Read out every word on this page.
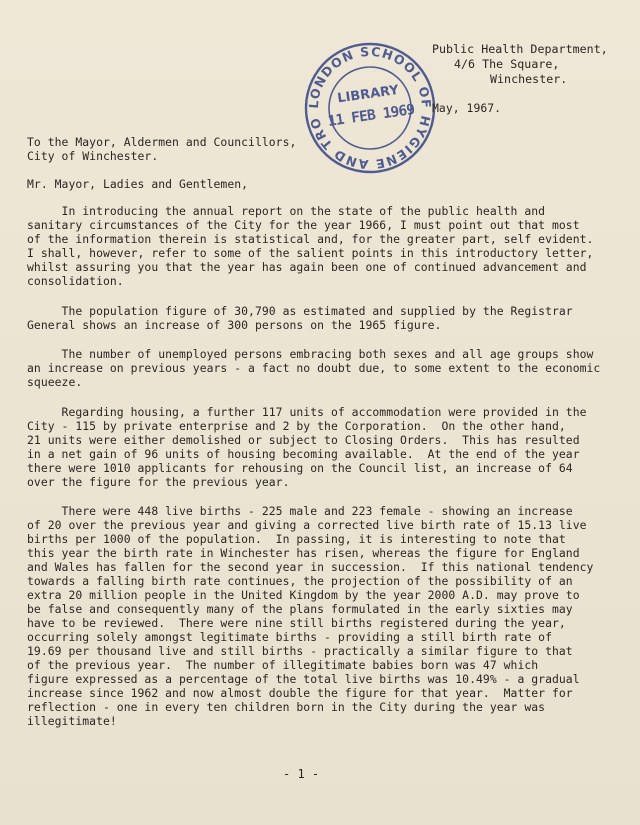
Public Health Department,
4/6 The Square,
Winchester.
LONDON SCHOOL OF HYGIENE AND TROPICAL
LIBRARY
11 FEB 1969 May, 1967.
To the Mayor, Aldermen and Councillors,
City of Winchester.
Mr. Mayor, Ladies and Gentlemen,
In introducing the annual report on the state of the public health and
sanitary circumstances of the City for the year 1966, I must point out that most
of the information therein is statistical and, for the greater part, self evident.
I shall, however, refer to some of the salient points in this introductory letter,
whilst assuring you that the year has again been one of continued advancement and
consolidation.
The population figure of 30,790 as estimated and supplied by the Registrar
General shows an increase of 300 persons on the 1965 figure.
The number of unemployed persons embracing both sexes and all age groups show
an increase on previous years - a fact no doubt due, to some extent to the economic
squeeze.
Regarding housing, a further 117 units of accommodation were provided in the
City - 115 by private enterprise and 2 by the Corporation.  On the other hand,
21 units were either demolished or subject to Closing Orders.  This has resulted
in a net gain of 96 units of housing becoming available.  At the end of the year
there were 1010 applicants for rehousing on the Council list, an increase of 64
over the figure for the previous year.
There were 448 live births - 225 male and 223 female - showing an increase
of 20 over the previous year and giving a corrected live birth rate of 15.13 live
births per 1000 of the population.  In passing, it is interesting to note that
this year the birth rate in Winchester has risen, whereas the figure for England
and Wales has fallen for the second year in succession.  If this national tendency
towards a falling birth rate continues, the projection of the possibility of an
extra 20 million people in the United Kingdom by the year 2000 A.D. may prove to
be false and consequently many of the plans formulated in the early sixties may
have to be reviewed.  There were nine still births registered during the year,
occurring solely amongst legitimate births - providing a still birth rate of
19.69 per thousand live and still births - practically a similar figure to that
of the previous year.  The number of illegitimate babies born was 47 which
figure expressed as a percentage of the total live births was 10.49% - a gradual
increase since 1962 and now almost double the figure for that year.  Matter for
reflection - one in every ten children born in the City during the year was
illegitimate!
- 1 -
